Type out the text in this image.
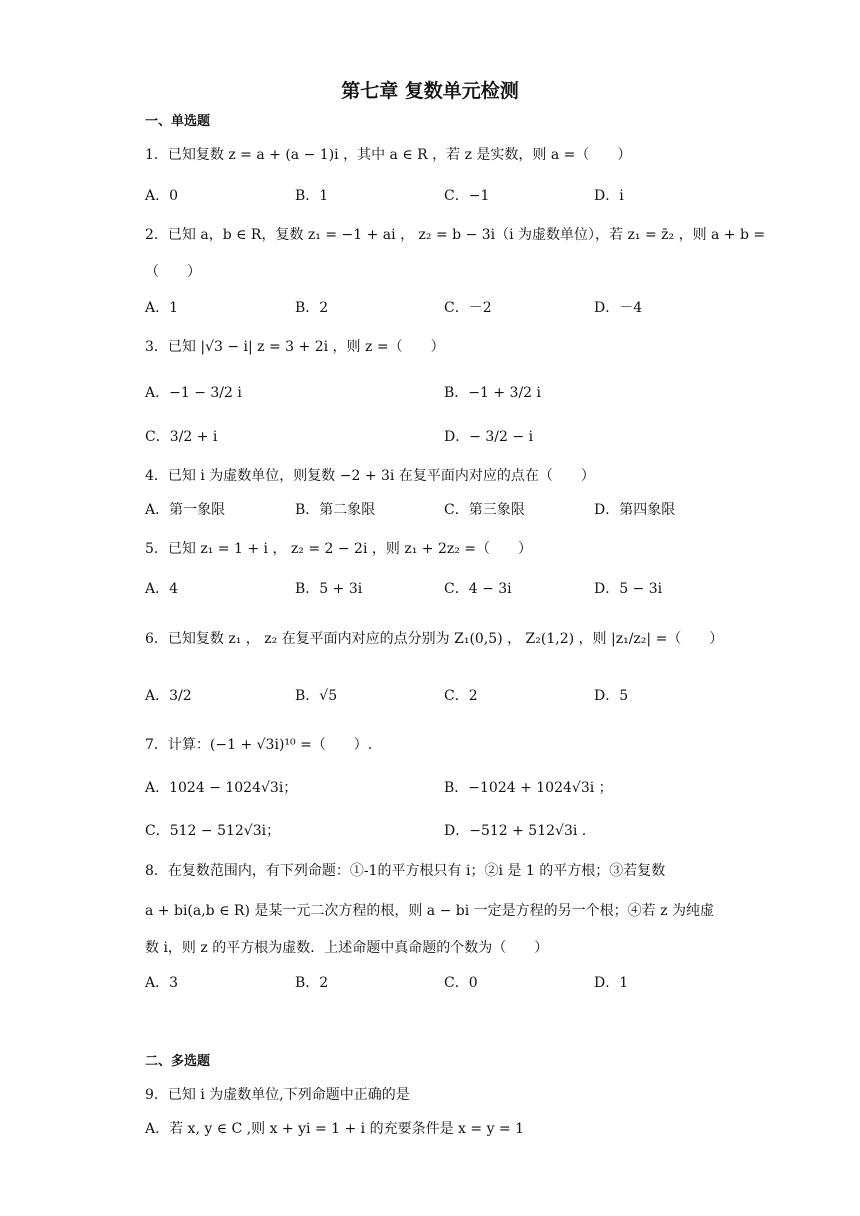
第七章 复数单元检测
一、单选题
1．已知复数 z = a + (a − 1)i ，其中 a ∈ R ，若 z 是实数，则 a =（　　）
A．0	B．1	C．−1	D．i
2．已知 a，b ∈ R，复数 z₁ = −1 + ai ， z₂ = b − 3i（i 为虚数单位），若 z₁ = z̄₂ ，则 a + b =
（　　）
A．1	B．2	C．－2	D．－4
3．已知 |√3 − i| z = 3 + 2i ，则 z =（　　）
A．−1 − 3/2 i	B．−1 + 3/2 i
C．3/2 + i	D．− 3/2 − i
4．已知 i 为虚数单位，则复数 −2 + 3i 在复平面内对应的点在（　　）
A．第一象限	B．第二象限	C．第三象限	D．第四象限
5．已知 z₁ = 1 + i ， z₂ = 2 − 2i ，则 z₁ + 2z₂ =（　　）
A．4	B．5 + 3i	C．4 − 3i	D．5 − 3i
6．已知复数 z₁ ， z₂ 在复平面内对应的点分别为 Z₁(0,5) ， Z₂(1,2) ，则 |z₁/z₂| =（　　）
A．3/2	B．√5	C．2	D．5
7．计算：(−1 + √3i)¹⁰ =（　　）.
A．1024 − 1024√3i；	B．−1024 + 1024√3i ；
C．512 − 512√3i；	D．−512 + 512√3i .
8．在复数范围内，有下列命题：①-1的平方根只有 i；②i 是 1 的平方根；③若复数
a + bi(a,b ∈ R) 是某一元二次方程的根，则 a − bi 一定是方程的另一个根；④若 z 为纯虚
数 i，则 z 的平方根为虚数．上述命题中真命题的个数为（　　）
A．3	B．2	C．0	D．1
二、多选题
9．已知 i 为虚数单位,下列命题中正确的是
A．若 x, y ∈ C ,则 x + yi = 1 + i 的充要条件是 x = y = 1
